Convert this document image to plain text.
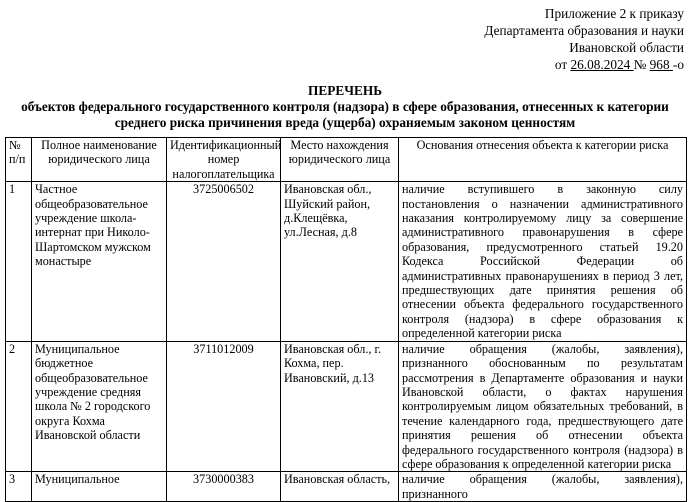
Приложение 2 к приказу
Департамента образования и науки
Ивановской области
от 26.08.2024 № 968 -о
ПЕРЕЧЕНЬ
объектов федерального государственного контроля (надзора) в сфере образования, отнесенных к категории
среднего риска причинения вреда (ущерба) охраняемым законом ценностям
№ п/п	Полное наименование юридического лица	Идентификационный номер налогоплательщика	Место нахождения юридического лица	Основания отнесения объекта к категории риска
1	Частное общеобразовательное учреждение школа-интернат при Николо-Шартомском мужском монастыре	3725006502	Ивановская обл., Шуйский район, д.Клещёвка, ул.Лесная, д.8	наличие вступившего в законную силу постановления о назначении административного наказания контролируемому лицу за совершение административного правонарушения в сфере образования, предусмотренного статьей 19.20 Кодекса Российской Федерации об административных правонарушениях в период 3 лет, предшествующих дате принятия решения об отнесении объекта федерального государственного контроля (надзора) в сфере образования к определенной категории риска
2	Муниципальное бюджетное общеобразовательное учреждение средняя школа № 2 городского округа Кохма Ивановской области	3711012009	Ивановская обл., г. Кохма, пер. Ивановский, д.13	наличие обращения (жалобы, заявления), признанного обоснованным по результатам рассмотрения в Департаменте образования и науки Ивановской области, о фактах нарушения контролируемым лицом обязательных требований, в течение календарного года, предшествующего дате принятия решения об отнесении объекта федерального государственного контроля (надзора) в сфере образования к определенной категории риска
3	Муниципальное	3730000383	Ивановская область,	наличие обращения (жалобы, заявления), признанного
